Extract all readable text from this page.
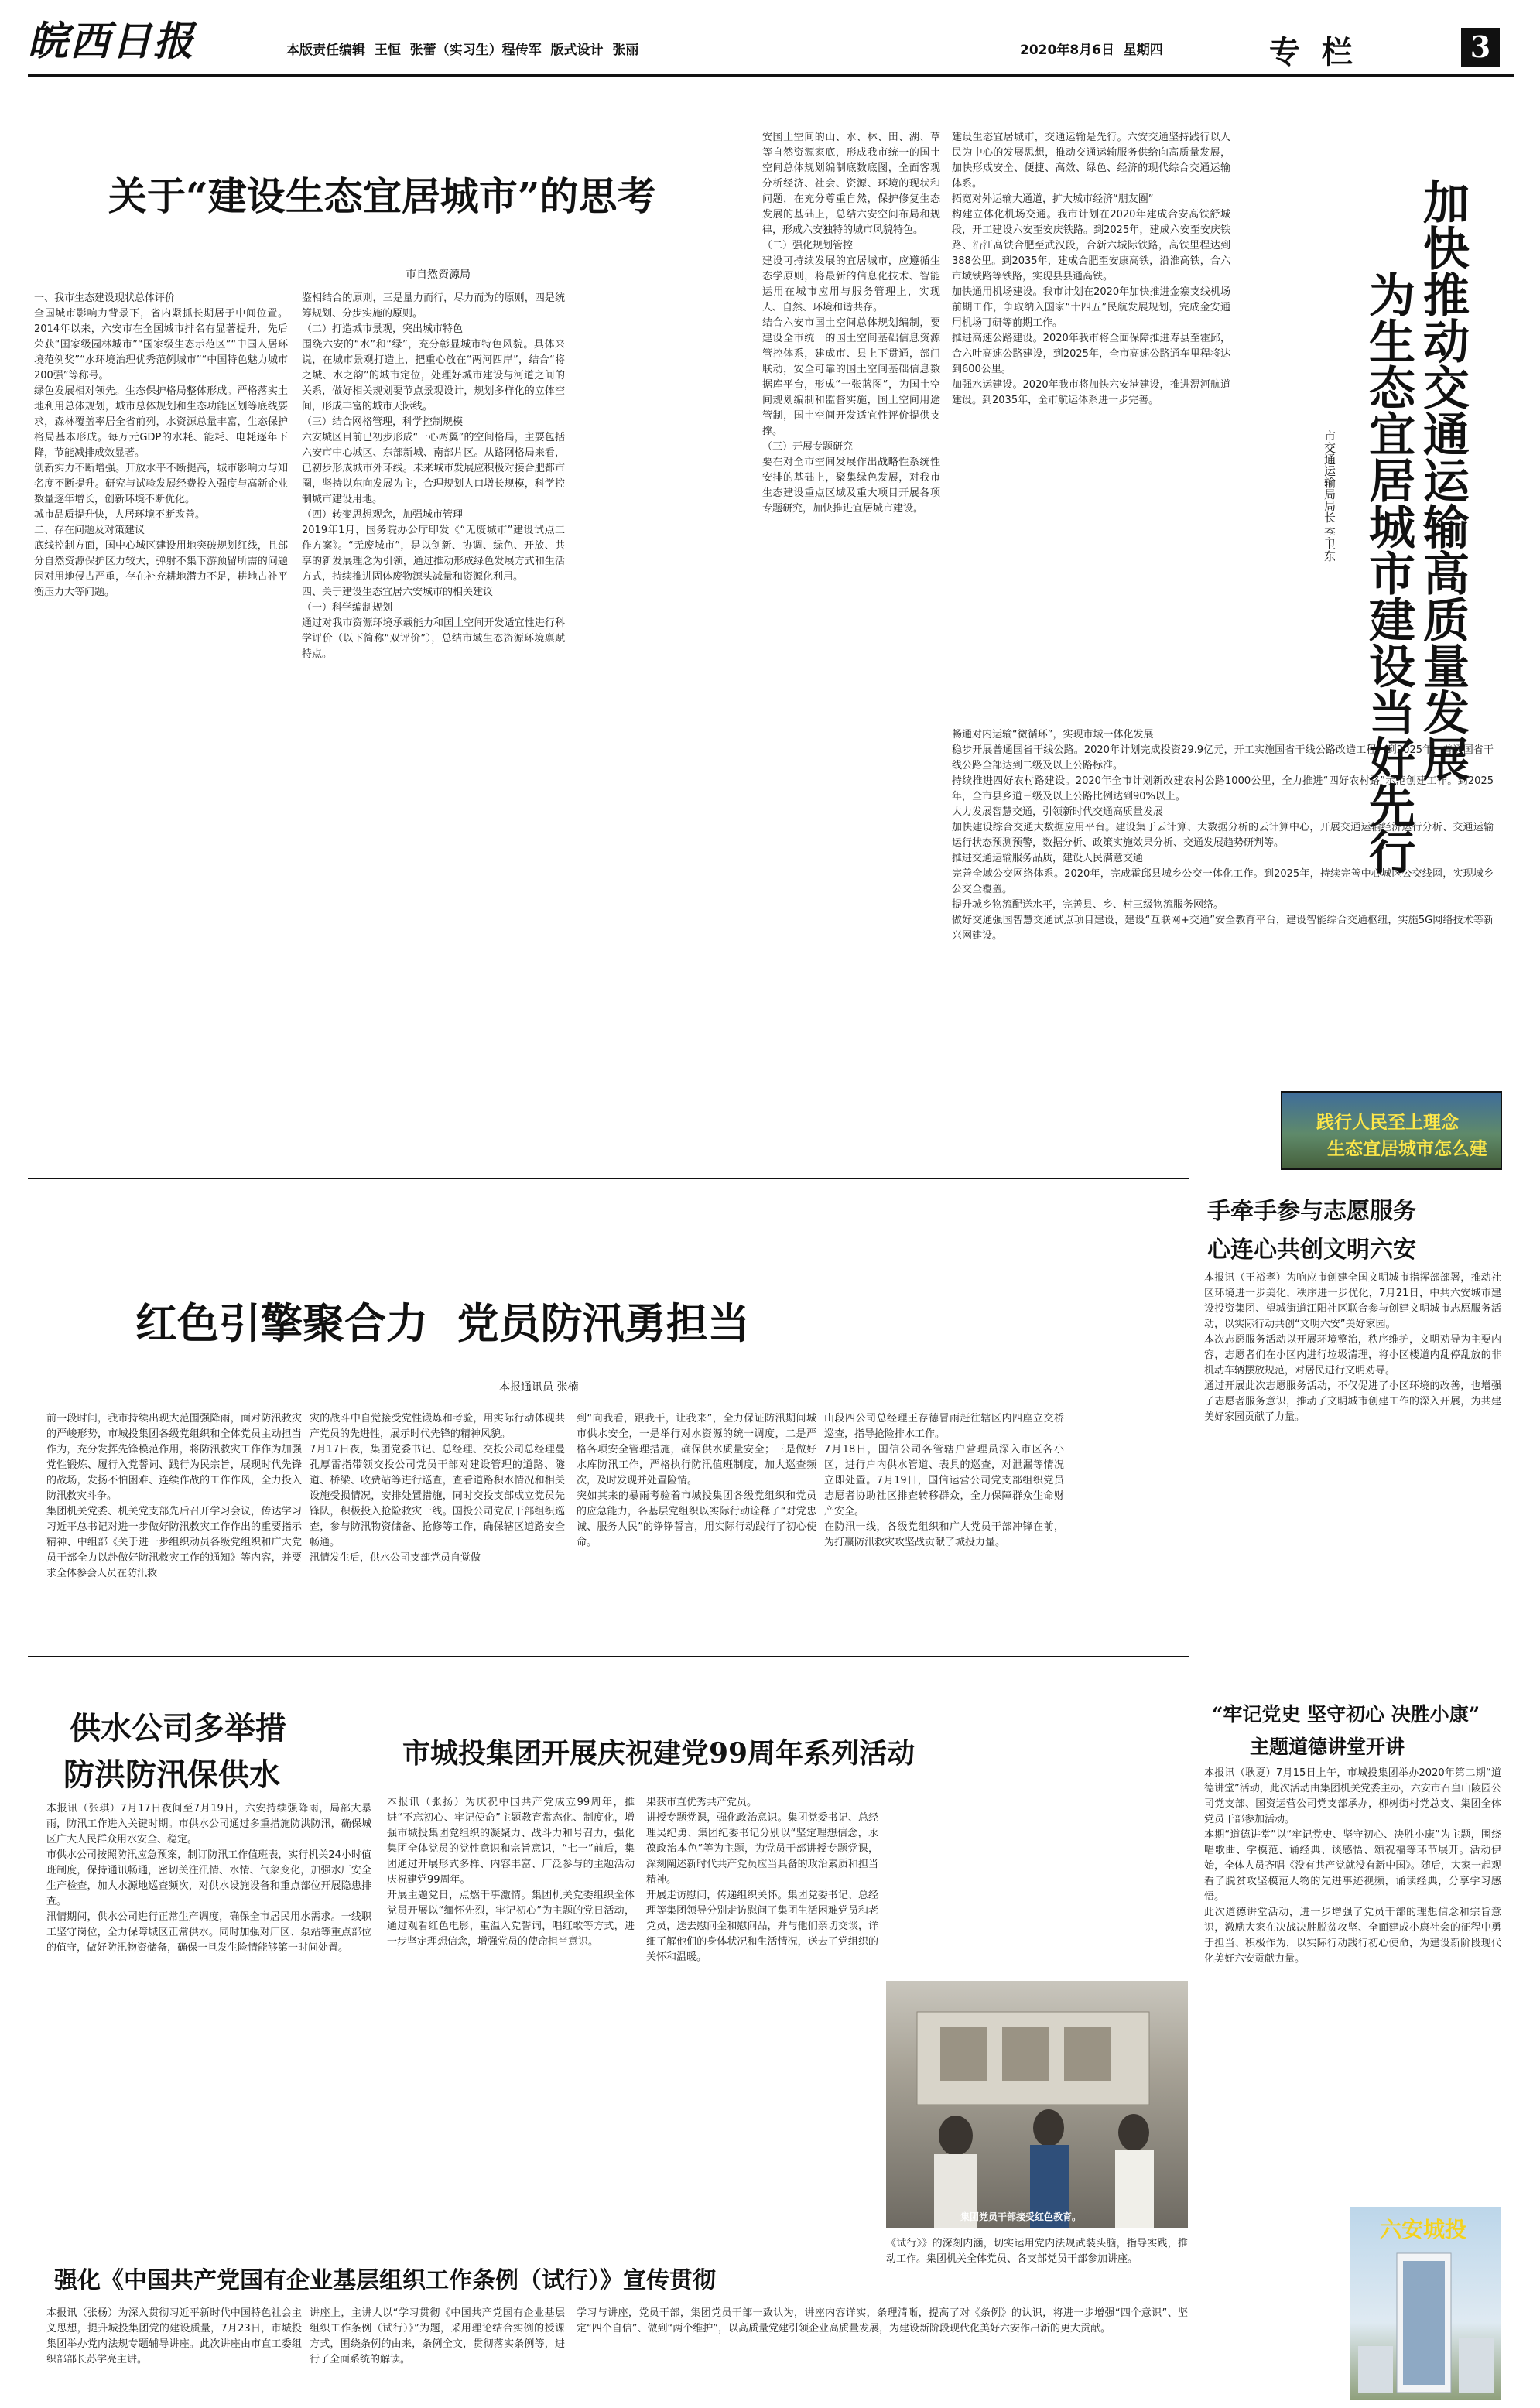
皖西日报	本版责任编辑  王恒  张蕾（实习生）程传军  版式设计  张丽	2020年8月6日  星期四	专  栏	3
关于“建设生态宜居城市”的思考
市自然资源局
一、我市生态建设现状总体评价
全国城市影响力背景下，省内紧抓长期居于中间位置。2014年以来，六安市在全国城市排名有显著提升，先后荣获“国家级园林城市”“国家级生态示范区”“中国人居环境范例奖”“水环境治理优秀范例城市”“中国特色魅力城市200强”等称号。
绿色发展相对领先。生态保护格局整体形成。严格落实土地利用总体规划，城市总体规划和生态功能区划等底线要求，森林覆盖率居全省前列，水资源总量丰富，生态保护格局基本形成。每万元GDP的水耗、能耗、电耗逐年下降，节能减排成效显著。
创新实力不断增强。开放水平不断提高，城市影响力与知名度不断提升。研究与试验发展经费投入强度与高新企业数量逐年增长，创新环境不断优化。
城市品质提升快，人居环境不断改善。
二、存在问题及对策建议
底线控制方面，国中心城区建设用地突破规划红线，且部分自然资源保护区力较大，弹射不集下游预留所需的问题因对用地侵占严重，存在补充耕地潜力不足，耕地占补平衡压力大等问题。
鉴相结合的原则，三是量力而行，尽力而为的原则，四是统筹规划、分步实施的原则。
（二）打造城市景观，突出城市特色
围绕六安的“水”和“绿”，充分彰显城市特色风貌。具体来说，在城市景观打造上，把重心放在“两河四岸”，结合“将之城、水之韵”的城市定位，处理好城市建设与河道之间的关系，做好相关规划要节点景观设计，规划多样化的立体空间，形成丰富的城市天际线。
（三）结合网格管理，科学控制规模
六安城区目前已初步形成“一心两翼”的空间格局，主要包括六安市中心城区、东部新城、南部片区。从路网格局来看，已初步形成城市外环线。未来城市发展应积极对接合肥都市圈，坚持以东向发展为主，合理规划人口增长规模，科学控制城市建设用地。
（四）转变思想观念，加强城市管理
2019年1月，国务院办公厅印发《“无废城市”建设试点工作方案》。“无废城市”，是以创新、协调、绿色、开放、共享的新发展理念为引领，通过推动形成绿色发展方式和生活方式，持续推进固体废物源头减量和资源化利用。
四、关于建设生态宜居六安城市的相关建议
（一）科学编制规划
通过对我市资源环境承载能力和国土空间开发适宜性进行科学评价（以下简称“双评价”），总结市域生态资源环境禀赋特点。
安国土空间的山、水、林、田、湖、草等自然资源家底，形成我市统一的国土空间总体规划编制底数底图，全面客观分析经济、社会、资源、环境的现状和问题，在充分尊重自然，保护修复生态发展的基础上，总结六安空间布局和规律，形成六安独特的城市风貌特色。
（二）强化规划管控
建设可持续发展的宜居城市，应遵循生态学原则，将最新的信息化技术、智能运用在城市应用与服务管理上，实现人、自然、环境和谐共存。
结合六安市国土空间总体规划编制，要建设全市统一的国土空间基础信息资源管控体系，建成市、县上下贯通，部门联动，安全可靠的国土空间基础信息数据库平台，形成“一张蓝图”，为国土空间规划编制和监督实施，国土空间用途管制，国土空间开发适宜性评价提供支撑。
（三）开展专题研究
要在对全市空间发展作出战略性系统性安排的基础上，聚集绿色发展，对我市生态建设重点区域及重大项目开展各项专题研究，加快推进宜居城市建设。
建设生态宜居城市，交通运输是先行。六安交通坚持践行以人民为中心的发展思想，推动交通运输服务供给向高质量发展，加快形成安全、便捷、高效、绿色、经济的现代综合交通运输体系。
拓宽对外运输大通道，扩大城市经济“朋友圈”
构建立体化机场交通。我市计划在2020年建成合安高铁舒城段，开工建设六安至安庆铁路。到2025年，建成六安至安庆铁路、沿江高铁合肥至武汉段，合新六城际铁路，高铁里程达到388公里。到2035年，建成合肥至安康高铁，沿淮高铁，合六市域铁路等铁路，实现县县通高铁。
加快通用机场建设。我市计划在2020年加快推进金寨支线机场前期工作，争取纳入国家“十四五”民航发展规划，完成金安通用机场可研等前期工作。
推进高速公路建设。2020年我市将全面保障推进寿县至霍邱，合六叶高速公路建设，到2025年，全市高速公路通车里程将达到600公里。
加强水运建设。2020年我市将加快六安港建设，推进淠河航道建设。到2035年，全市航运体系进一步完善。
畅通对内运输“微循环”，实现市域一体化发展
稳步开展普通国省干线公路。2020年计划完成投资29.9亿元，开工实施国省干线公路改造工程，到2025年，普通国省干线公路全部达到二级及以上公路标准。
持续推进四好农村路建设。2020年全市计划新改建农村公路1000公里，全力推进“四好农村路”示范创建工作。到2025年，全市县乡道三级及以上公路比例达到90%以上。
大力发展智慧交通，引领新时代交通高质量发展
加快建设综合交通大数据应用平台。建设集于云计算、大数据分析的云计算中心，开展交通运输经济运行分析、交通运输运行状态预测预警，数据分析、政策实施效果分析、交通发展趋势研判等。
推进交通运输服务品质，建设人民满意交通
完善全域公交网络体系。2020年，完成霍邱县城乡公交一体化工作。到2025年，持续完善中心城区公交线网，实现城乡公交全覆盖。
提升城乡物流配送水平，完善县、乡、村三级物流服务网络。
做好交通强国智慧交通试点项目建设，建设“互联网+交通”安全教育平台，建设智能综合交通枢纽，实施5G网络技术等新兴网建设。
加快推动交通运输高质量发展
为生态宜居城市建设当好先行
市交通运输局局长 李卫东
践行人民至上理念
生态宜居城市怎么建
红色引擎聚合力  党员防汛勇担当
本报通讯员 张楠
前一段时间，我市持续出现大范围强降雨，面对防汛救灾的严峻形势，市城投集团各级党组织和全体党员主动担当作为，充分发挥先锋模范作用，将防汛救灾工作作为加强党性锻炼、履行入党誓词、践行为民宗旨，展现时代先锋的战场，发扬不怕困难、连续作战的工作作风，全力投入防汛救灾斗争。
集团机关党委、机关党支部先后召开学习会议，传达学习习近平总书记对进一步做好防汛救灾工作作出的重要指示精神、中组部《关于进一步组织动员各级党组织和广大党员干部全力以赴做好防汛救灾工作的通知》等内容，并要求全体参会人员在防汛救
灾的战斗中自觉接受党性锻炼和考验，用实际行动体现共产党员的先进性，展示时代先锋的精神风貌。
7月17日夜，集团党委书记、总经理、交投公司总经理曼孔厚雷指带领交投公司党员干部对建设管理的道路、隧道、桥梁、收费站等进行巡查，查看道路积水情况和相关设施受损情况，安排处置措施，同时交投支部成立党员先锋队，积极投入抢险救灾一线。国投公司党员干部组织巡查，参与防汛物资储备、抢修等工作，确保辖区道路安全畅通。
汛情发生后，供水公司支部党员自觉做
到“向我看，跟我干，让我来”，全力保证防汛期间城市供水安全，一是举行对水资源的统一调度，二是严格各项安全管理措施，确保供水质量安全；三是做好水库防汛工作，严格执行防汛值班制度，加大巡查频次，及时发现并处置险情。
突如其来的暴雨考验着市城投集团各级党组织和党员的应急能力，各基层党组织以实际行动诠释了“对党忠诚、服务人民”的铮铮誓言，用实际行动践行了初心使命。
山段四公司总经理王存德冒雨赶往辖区内四座立交桥巡查，指导抢险排水工作。
7月18日，国信公司各管辖户营理员深入市区各小区，进行户内供水管道、表具的巡查，对泄漏等情况立即处置。7月19日，国信运营公司党支部组织党员志愿者协助社区排查转移群众，全力保障群众生命财产安全。
在防汛一线，各级党组织和广大党员干部冲锋在前，为打赢防汛救灾攻坚战贡献了城投力量。
手牵手参与志愿服务
心连心共创文明六安
本报讯（王裕孝）为响应市创建全国文明城市指挥部部署，推动社区环境进一步美化，秩序进一步优化，7月21日，中共六安城市建设投资集团、望城街道江阳社区联合参与创建文明城市志愿服务活动，以实际行动共创“文明六安”美好家园。
本次志愿服务活动以开展环境整治，秩序维护，文明劝导为主要内容，志愿者们在小区内进行垃圾清理，将小区楼道内乱停乱放的非机动车辆摆放规范，对居民进行文明劝导。
通过开展此次志愿服务活动，不仅促进了小区环境的改善，也增强了志愿者服务意识，推动了文明城市创建工作的深入开展，为共建美好家园贡献了力量。
供水公司多举措
防洪防汛保供水
本报讯（张琪）7月17日夜间至7月19日，六安持续强降雨，局部大暴雨，防汛工作进入关键时期。市供水公司通过多重措施防洪防汛，确保城区广大人民群众用水安全、稳定。
市供水公司按照防汛应急预案，制订防汛工作值班表，实行机关24小时值班制度，保持通讯畅通，密切关注汛情、水情、气象变化，加强水厂安全生产检查，加大水源地巡查频次，对供水设施设备和重点部位开展隐患排查。
汛情期间，供水公司进行正常生产调度，确保全市居民用水需求。一线职工坚守岗位，全力保障城区正常供水。同时加强对厂区、泵站等重点部位的值守，做好防汛物资储备，确保一旦发生险情能够第一时间处置。
市城投集团开展庆祝建党99周年系列活动
本报讯（张扬）为庆祝中国共产党成立99周年，推进“不忘初心、牢记使命”主题教育常态化、制度化，增强市城投集团党组织的凝聚力、战斗力和号召力，强化集团全体党员的党性意识和宗旨意识，“七一”前后，集团通过开展形式多样、内容丰富、厂泛参与的主题活动庆祝建党99周年。
开展主题党日，点燃干事激情。集团机关党委组织全体党员开展以“缅怀先烈，牢记初心”为主题的党日活动，通过观看红色电影，重温入党誓词，唱红歌等方式，进一步坚定理想信念，增强党员的使命担当意识。
果获市直优秀共产党员。
讲授专题党课，强化政治意识。集团党委书记、总经理吴纪勇、集团纪委书记分别以“坚定理想信念，永葆政治本色”等为主题，为党员干部讲授专题党课，深刻阐述新时代共产党员应当具备的政治素质和担当精神。
开展走访慰问，传递组织关怀。集团党委书记、总经理等集团领导分别走访慰问了集团生活困难党员和老党员，送去慰问金和慰问品，并与他们亲切交谈，详细了解他们的身体状况和生活情况，送去了党组织的关怀和温暖。
集团党员干部接受红色教育。
“牢记党史 坚守初心 决胜小康”
主题道德讲堂开讲
本报讯（耿夏）7月15日上午，市城投集团举办2020年第二期“道德讲堂”活动，此次活动由集团机关党委主办，六安市召皇山陵园公司党支部、国资运营公司党支部承办，柳树街村党总支、集团全体党员干部参加活动。
本期“道德讲堂”以“牢记党史、坚守初心、决胜小康”为主题，围绕唱歌曲、学模范、诵经典、谈感悟、颂祝福等环节展开。活动伊始，全体人员齐唱《没有共产党就没有新中国》。随后，大家一起观看了脱贫攻坚模范人物的先进事迹视频，诵读经典，分享学习感悟。
此次道德讲堂活动，进一步增强了党员干部的理想信念和宗旨意识，激励大家在决战决胜脱贫攻坚、全面建成小康社会的征程中勇于担当、积极作为，以实际行动践行初心使命，为建设新阶段现代化美好六安贡献力量。
六安城投
强化《中国共产党国有企业基层组织工作条例（试行）》宣传贯彻
本报讯（张杨）为深入贯彻习近平新时代中国特色社会主义思想，提升城投集团党的建设质量，7月23日，市城投集团举办党内法规专题辅导讲座。此次讲座由市直工委组织部部长苏学亮主讲。
讲座上，主讲人以“学习贯彻《中国共产党国有企业基层组织工作条例（试行）》”为题，采用理论结合实例的授课方式，围绕条例的由来，条例全文，贯彻落实条例等，进行了全面系统的解读。
《试行》》的深刻内涵，切实运用党内法规武装头脑，指导实践，推动工作。集团机关全体党员、各支部党员干部参加讲座。
学习与讲座，党员干部，集团党员干部一致认为，讲座内容详实，条理清晰，提高了对《条例》的认识，将进一步增强“四个意识”、坚定“四个自信”、做到“两个维护”，以高质量党建引领企业高质量发展，为建设新阶段现代化美好六安作出新的更大贡献。
